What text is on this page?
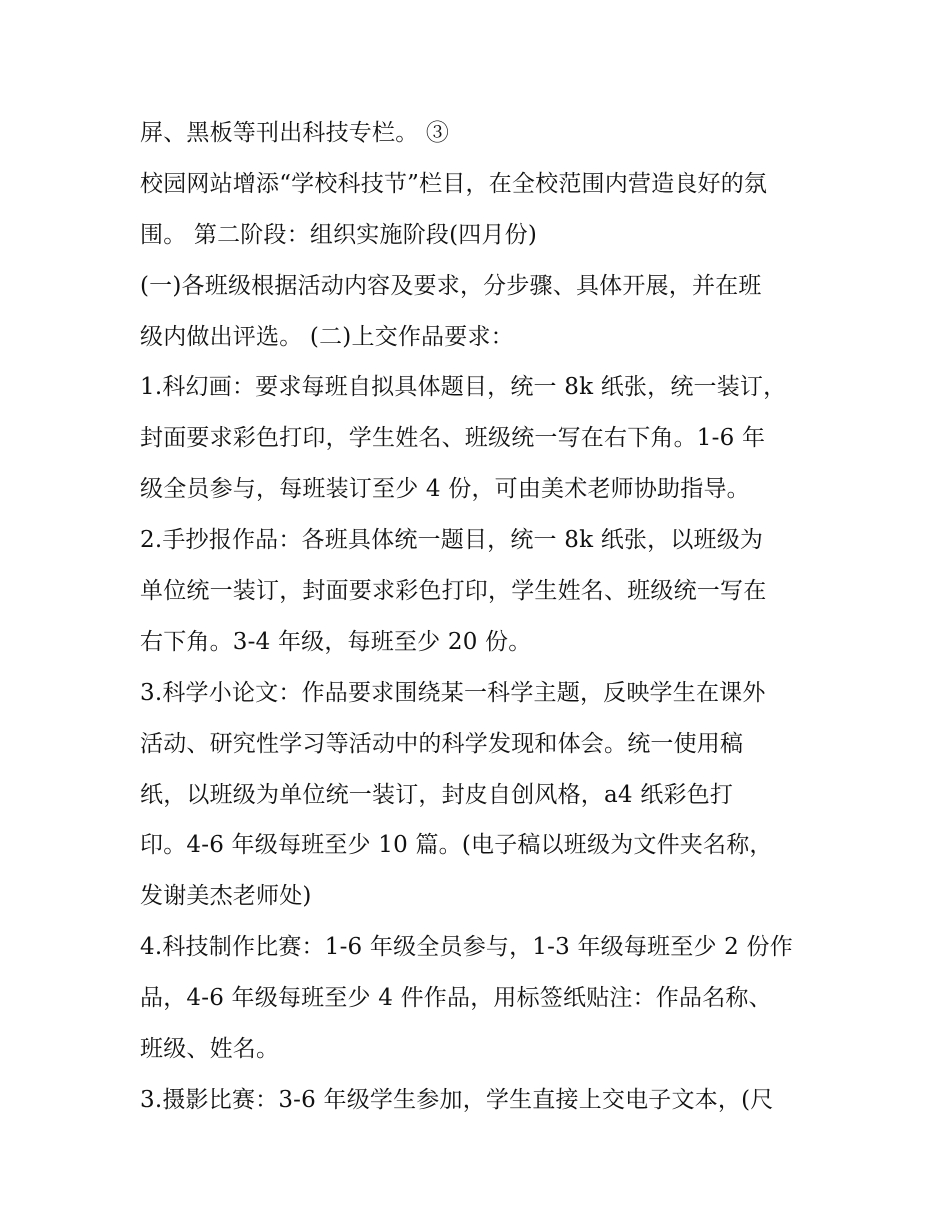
屏、黑板等刊出科技专栏。 ③
校园网站增添“学校科技节”栏目，在全校范围内营造良好的氛
围。 第二阶段：组织实施阶段(四月份)
(一)各班级根据活动内容及要求，分步骤、具体开展，并在班
级内做出评选。 (二)上交作品要求：
1.科幻画：要求每班自拟具体题目，统一 8k 纸张，统一装订，
封面要求彩色打印，学生姓名、班级统一写在右下角。1-6 年
级全员参与，每班装订至少 4 份，可由美术老师协助指导。
2.手抄报作品：各班具体统一题目，统一 8k 纸张，以班级为
单位统一装订，封面要求彩色打印，学生姓名、班级统一写在
右下角。3-4 年级，每班至少 20 份。
3.科学小论文：作品要求围绕某一科学主题，反映学生在课外
活动、研究性学习等活动中的科学发现和体会。统一使用稿
纸，以班级为单位统一装订，封皮自创风格，a4 纸彩色打
印。4-6 年级每班至少 10 篇。(电子稿以班级为文件夹名称，
发谢美杰老师处)
4.科技制作比赛：1-6 年级全员参与，1-3 年级每班至少 2 份作
品，4-6 年级每班至少 4 件作品，用标签纸贴注：作品名称、
班级、姓名。
3.摄影比赛：3-6 年级学生参加，学生直接上交电子文本，(尺
